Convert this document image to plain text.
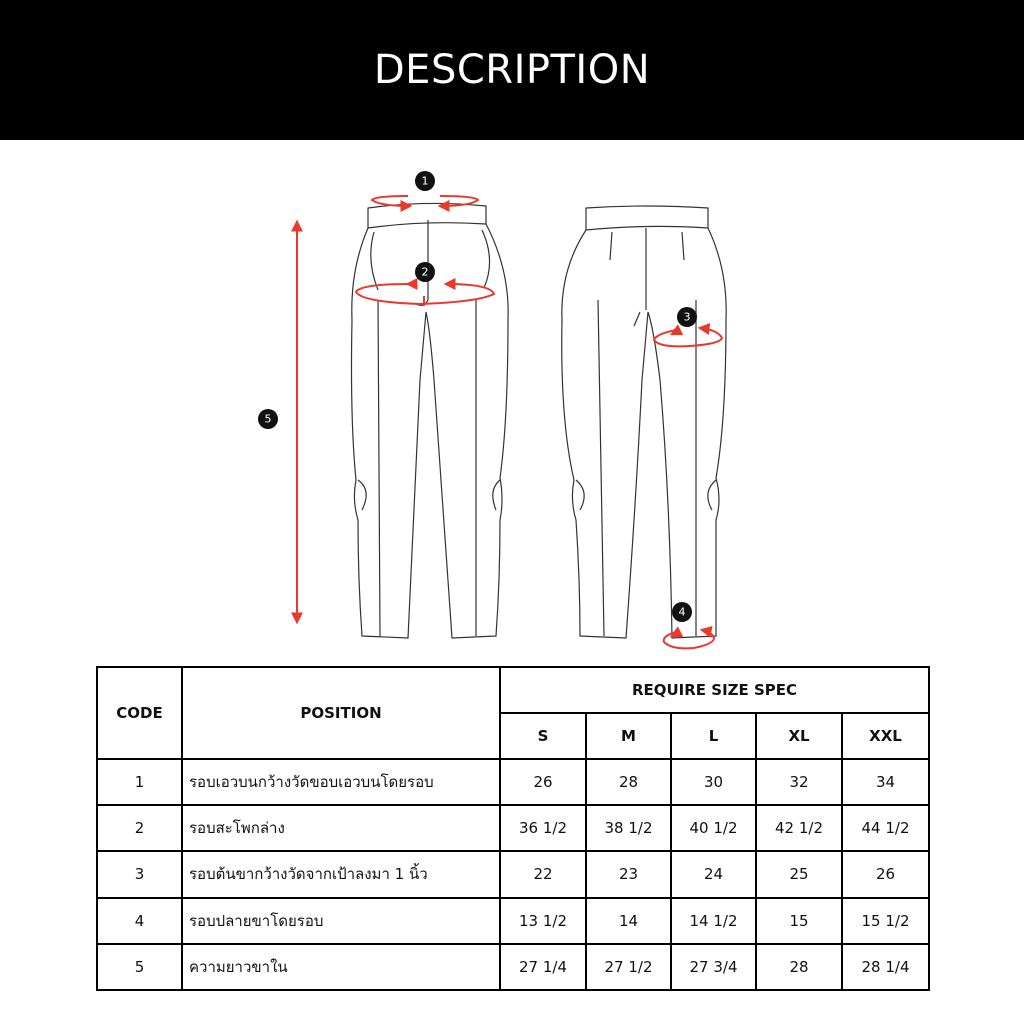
DESCRIPTION
1
2
3
4
5
CODE	POSITION	REQUIRE SIZE SPEC				
		S	M	L	XL	XXL
1	รอบเอวบนกว้างวัดขอบเอวบนโดยรอบ	26	28	30	32	34
2	รอบสะโพกล่าง	36 1/2	38 1/2	40 1/2	42 1/2	44 1/2
3	รอบต้นขากว้างวัดจากเป้าลงมา 1 นิ้ว	22	23	24	25	26
4	รอบปลายขาโดยรอบ	13 1/2	14	14 1/2	15	15 1/2
5	ความยาวขาใน	27 1/4	27 1/2	27 3/4	28	28 1/4
